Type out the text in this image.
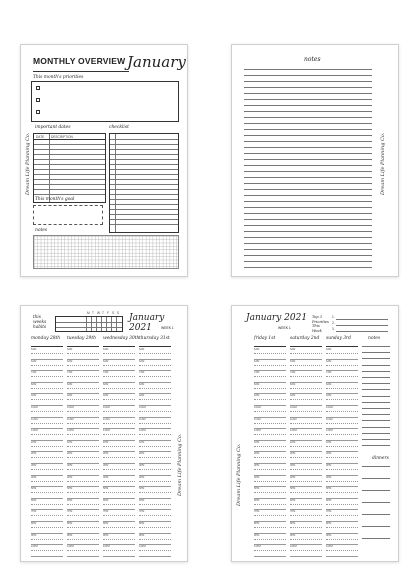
MONTHLY OVERVIEW January
This month's priorities
important dates	checklist
DATE DESCRIPTION
This month's goal
notes
Dream Life Planning Co.
notes
Dream Life Planning Co.
this weeks habits
M T W T F S S January 2021	WEEK 1
monday 28th
5AM
6AM
7AM
8AM
9AM
10AM
11AM
12PM
1PM
2PM
3PM
4PM
5PM
6PM
7PM
8PM
9PM
10PM
tuesday 29th
5AM
6AM
7AM
8AM
9AM
10AM
11AM
12PM
1PM
2PM
3PM
4PM
5PM
6PM
7PM
8PM
9PM
10PM
wednesday 30th
5AM
6AM
7AM
8AM
9AM
10AM
11AM
12PM
1PM
2PM
3PM
4PM
5PM
6PM
7PM
8PM
9PM
10PM
thursday 31st
5AM
6AM
7AM
8AM
9AM
10AM
11AM
12PM
1PM
2PM
3PM
4PM
5PM
6PM
7PM
8PM
9PM
10PM
Dream Life Planning Co.
January 2021
WEEK 1
Top 3 Priorities This Week
1.
2.
3.
friday 1st
5AM
6AM
7AM
8AM
9AM
10AM
11AM
12PM
1PM
2PM
3PM
4PM
5PM
6PM
7PM
8PM
9PM
10PM
saturday 2nd
5AM
6AM
7AM
8AM
9AM
10AM
11AM
12PM
1PM
2PM
3PM
4PM
5PM
6PM
7PM
8PM
9PM
10PM
sunday 3rd
5AM
6AM
7AM
8AM
9AM
10AM
11AM
12PM
1PM
2PM
3PM
4PM
5PM
6PM
7PM
8PM
9PM
10PM
notes
dinners
Dream Life Planning Co.
